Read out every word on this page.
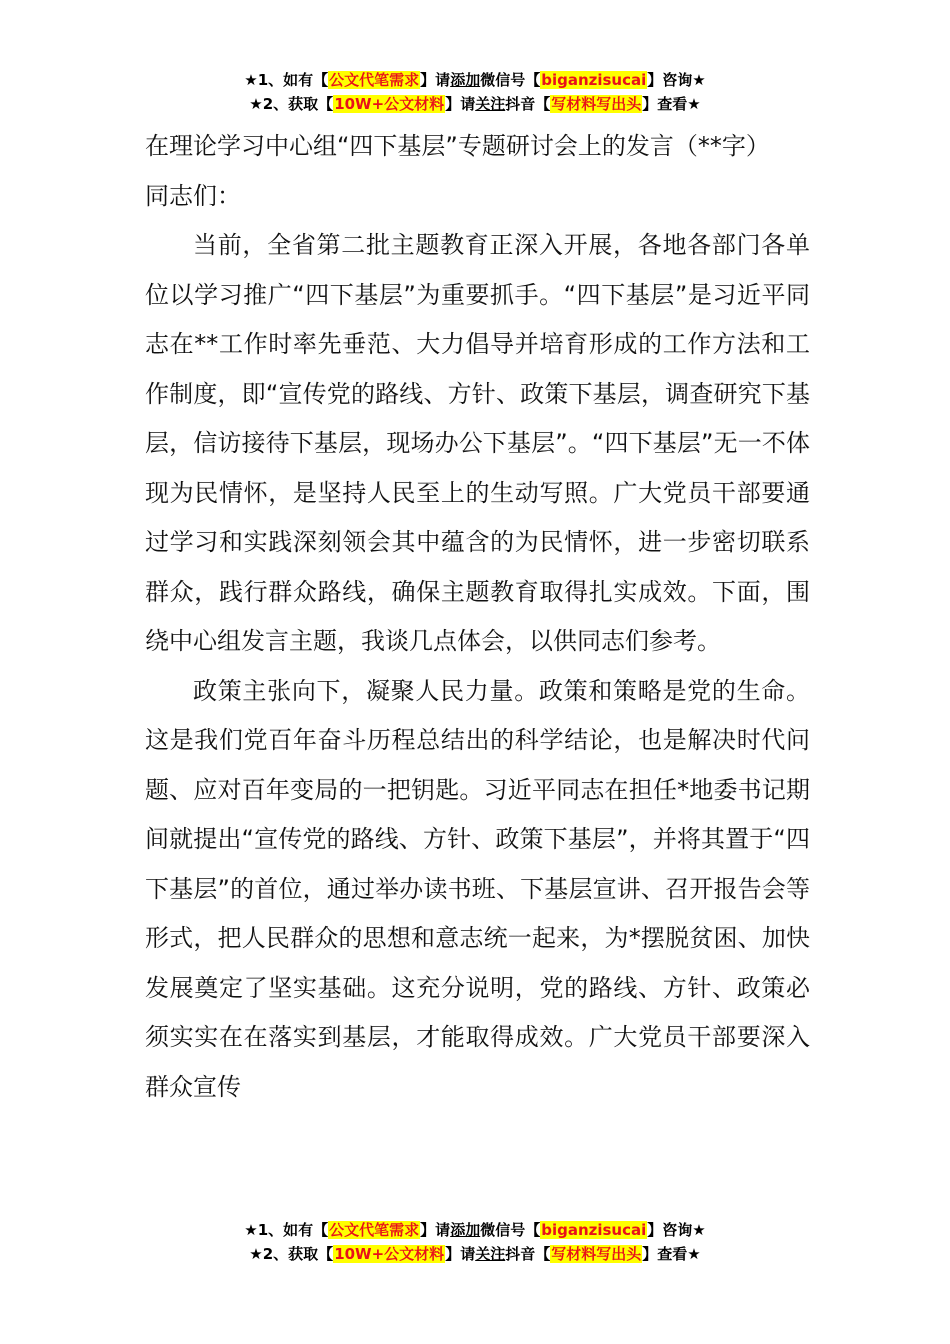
★1、如有【公文代笔需求】请添加微信号【biganzisucai】咨询★
★2、获取【10W+公文材料】请关注抖音【写材料写出头】查看★

在理论学习中心组“四下基层”专题研讨会上的发言（**字）

同志们：

当前，全省第二批主题教育正深入开展，各地各部门各单位以学习推广“四下基层”为重要抓手。“四下基层”是习近平同志在**工作时率先垂范、大力倡导并培育形成的工作方法和工作制度，即“宣传党的路线、方针、政策下基层，调查研究下基层，信访接待下基层，现场办公下基层”。“四下基层”无一不体现为民情怀，是坚持人民至上的生动写照。广大党员干部要通过学习和实践深刻领会其中蕴含的为民情怀，进一步密切联系群众，践行群众路线，确保主题教育取得扎实成效。下面，围绕中心组发言主题，我谈几点体会，以供同志们参考。

政策主张向下，凝聚人民力量。政策和策略是党的生命。这是我们党百年奋斗历程总结出的科学结论，也是解决时代问题、应对百年变局的一把钥匙。习近平同志在担任*地委书记期间就提出“宣传党的路线、方针、政策下基层”，并将其置于“四下基层”的首位，通过举办读书班、下基层宣讲、召开报告会等形式，把人民群众的思想和意志统一起来，为*摆脱贫困、加快发展奠定了坚实基础。这充分说明，党的路线、方针、政策必须实实在在落实到基层，才能取得成效。广大党员干部要深入群众宣传

★1、如有【公文代笔需求】请添加微信号【biganzisucai】咨询★
★2、获取【10W+公文材料】请关注抖音【写材料写出头】查看★
